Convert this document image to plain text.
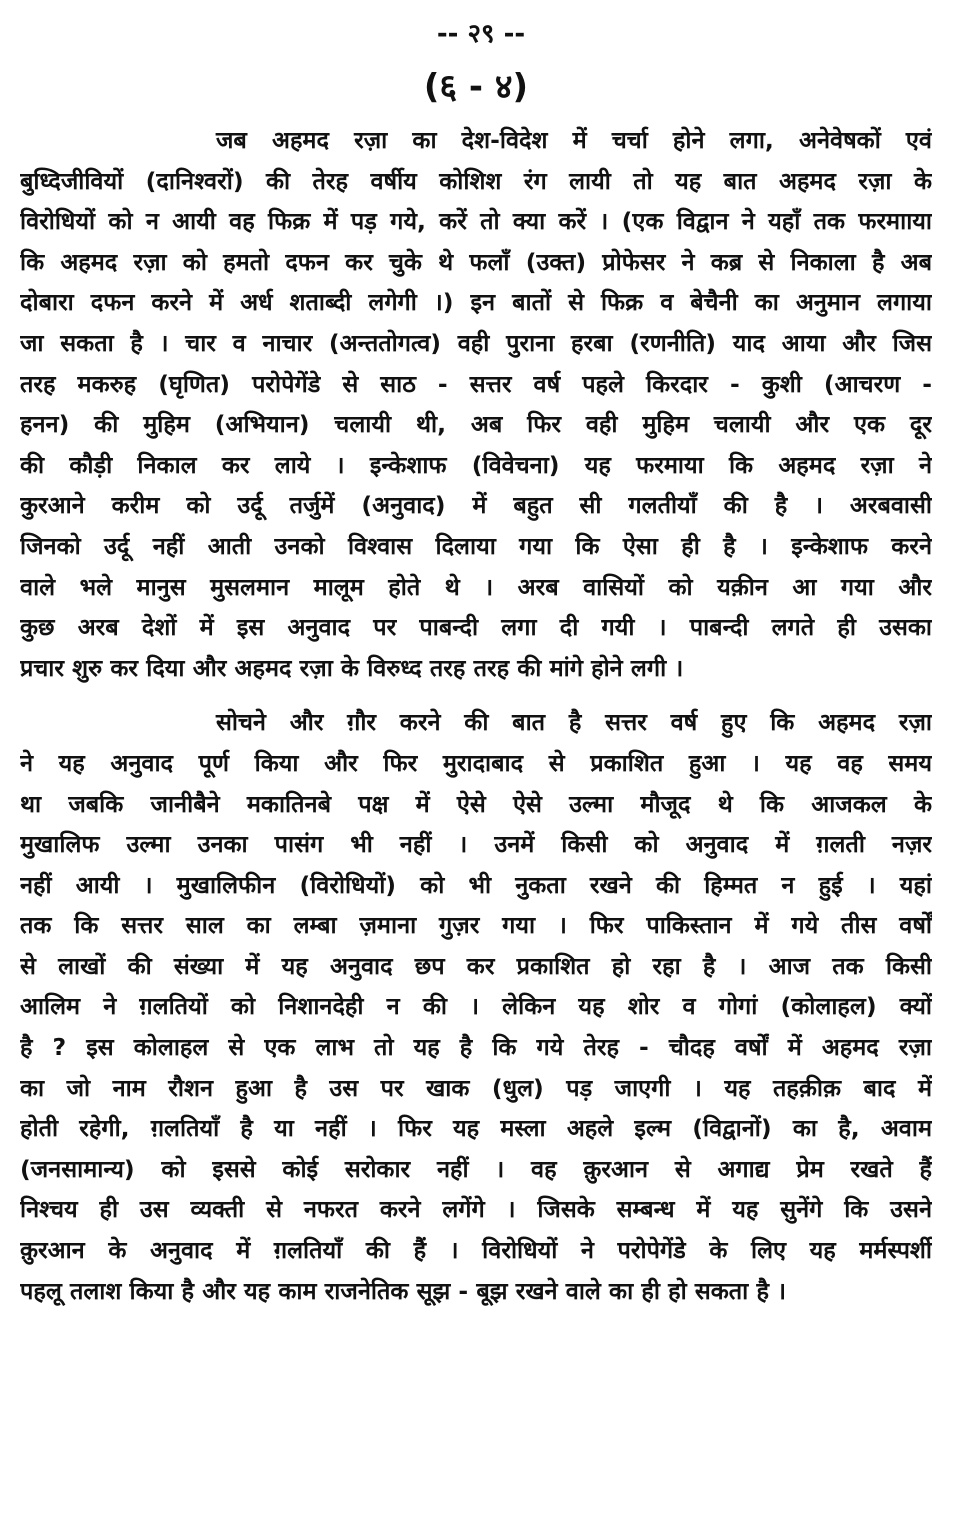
-- २९ --
(६ - ४)
जब अहमद रज़ा का देश-विदेश में चर्चा होने लगा, अनेवेषकों एवं
बुध्दिजीवियों (दानिश्वरों) की तेरह वर्षीय कोशिश रंग लायी तो यह बात अहमद रज़ा के
विरोधियों को न आयी वह फिक्र में पड़ गये, करें तो क्या करें । (एक विद्वान ने यहाँ तक फरमााया
कि अहमद रज़ा को हमतो दफन कर चुके थे फलाँ (उक्त) प्रोफेसर ने कब्र से निकाला है अब
दोबारा दफन करने में अर्ध शताब्दी लगेगी ।) इन बातों से फिक्र व बेचैनी का अनुमान लगाया
जा सकता है । चार व नाचार (अन्ततोगत्व) वही पुराना हरबा (रणनीति) याद आया और जिस
तरह मकरुह (घृणित) परोपेगेंडे से साठ - सत्तर वर्ष पहले किरदार - कुशी (आचरण -
हनन) की मुहिम (अभियान) चलायी थी, अब फिर वही मुहिम चलायी और एक दूर
की कौड़ी निकाल कर लाये । इन्केशाफ (विवेचना) यह फरमाया कि अहमद रज़ा ने
कुरआने करीम को उर्दू तर्जुमें (अनुवाद) में बहुत सी गलतीयाँ की है । अरबवासी
जिनको उर्दू नहीं आती उनको विश्वास दिलाया गया कि ऐसा ही है । इन्केशाफ करने
वाले भले मानुस मुसलमान मालूम होते थे । अरब वासियों को यक़ीन आ गया और
कुछ अरब देशों में इस अनुवाद पर पाबन्दी लगा दी गयी । पाबन्दी लगते ही उसका
प्रचार शुरु कर दिया और अहमद रज़ा के विरुध्द तरह तरह की मांगे होने लगी ।
सोचने और ग़ौर करने की बात है सत्तर वर्ष हुए कि अहमद रज़ा
ने यह अनुवाद पूर्ण किया और फिर मुरादाबाद से प्रकाशित हुआ । यह वह समय
था जबकि जानीबैने मकातिनबे पक्ष में ऐसे ऐसे उल्मा मौजूद थे कि आजकल के
मुखालिफ उल्मा उनका पासंग भी नहीं । उनमें किसी को अनुवाद में ग़लती नज़र
नहीं आयी । मुखालिफीन (विरोधियों) को भी नुकता रखने की हिम्मत न हुई । यहां
तक कि सत्तर साल का लम्बा ज़माना गुज़र गया । फिर पाकिस्तान में गये तीस वर्षों
से लाखों की संख्या में यह अनुवाद छप कर प्रकाशित हो रहा है । आज तक किसी
आलिम ने ग़लतियों को निशानदेही न की । लेकिन यह शोर व गोगां (कोलाहल) क्यों
है ? इस कोलाहल से एक लाभ तो यह है कि गये तेरह - चौदह वर्षों में अहमद रज़ा
का जो नाम रौशन हुआ है उस पर खाक (धुल) पड़ जाएगी । यह तहक़ीक़ बाद में
होती रहेगी, ग़लतियाँ है या नहीं । फिर यह मस्ला अहले इल्म (विद्वानों) का है, अवाम
(जनसामान्य) को इससे कोई सरोकार नहीं । वह क़ुरआन से अगाद्य प्रेम रखते हैं
निश्चय ही उस व्यक्ती से नफरत करने लगेंगे । जिसके सम्बन्ध में यह सुनेंगे कि उसने
क़ुरआन के अनुवाद में ग़लतियाँ की हैं । विरोधियों ने परोपेगेंडे के लिए यह मर्मस्पर्शी
पहलू तलाश किया है और यह काम राजनेतिक सूझ - बूझ रखने वाले का ही हो सकता है ।
